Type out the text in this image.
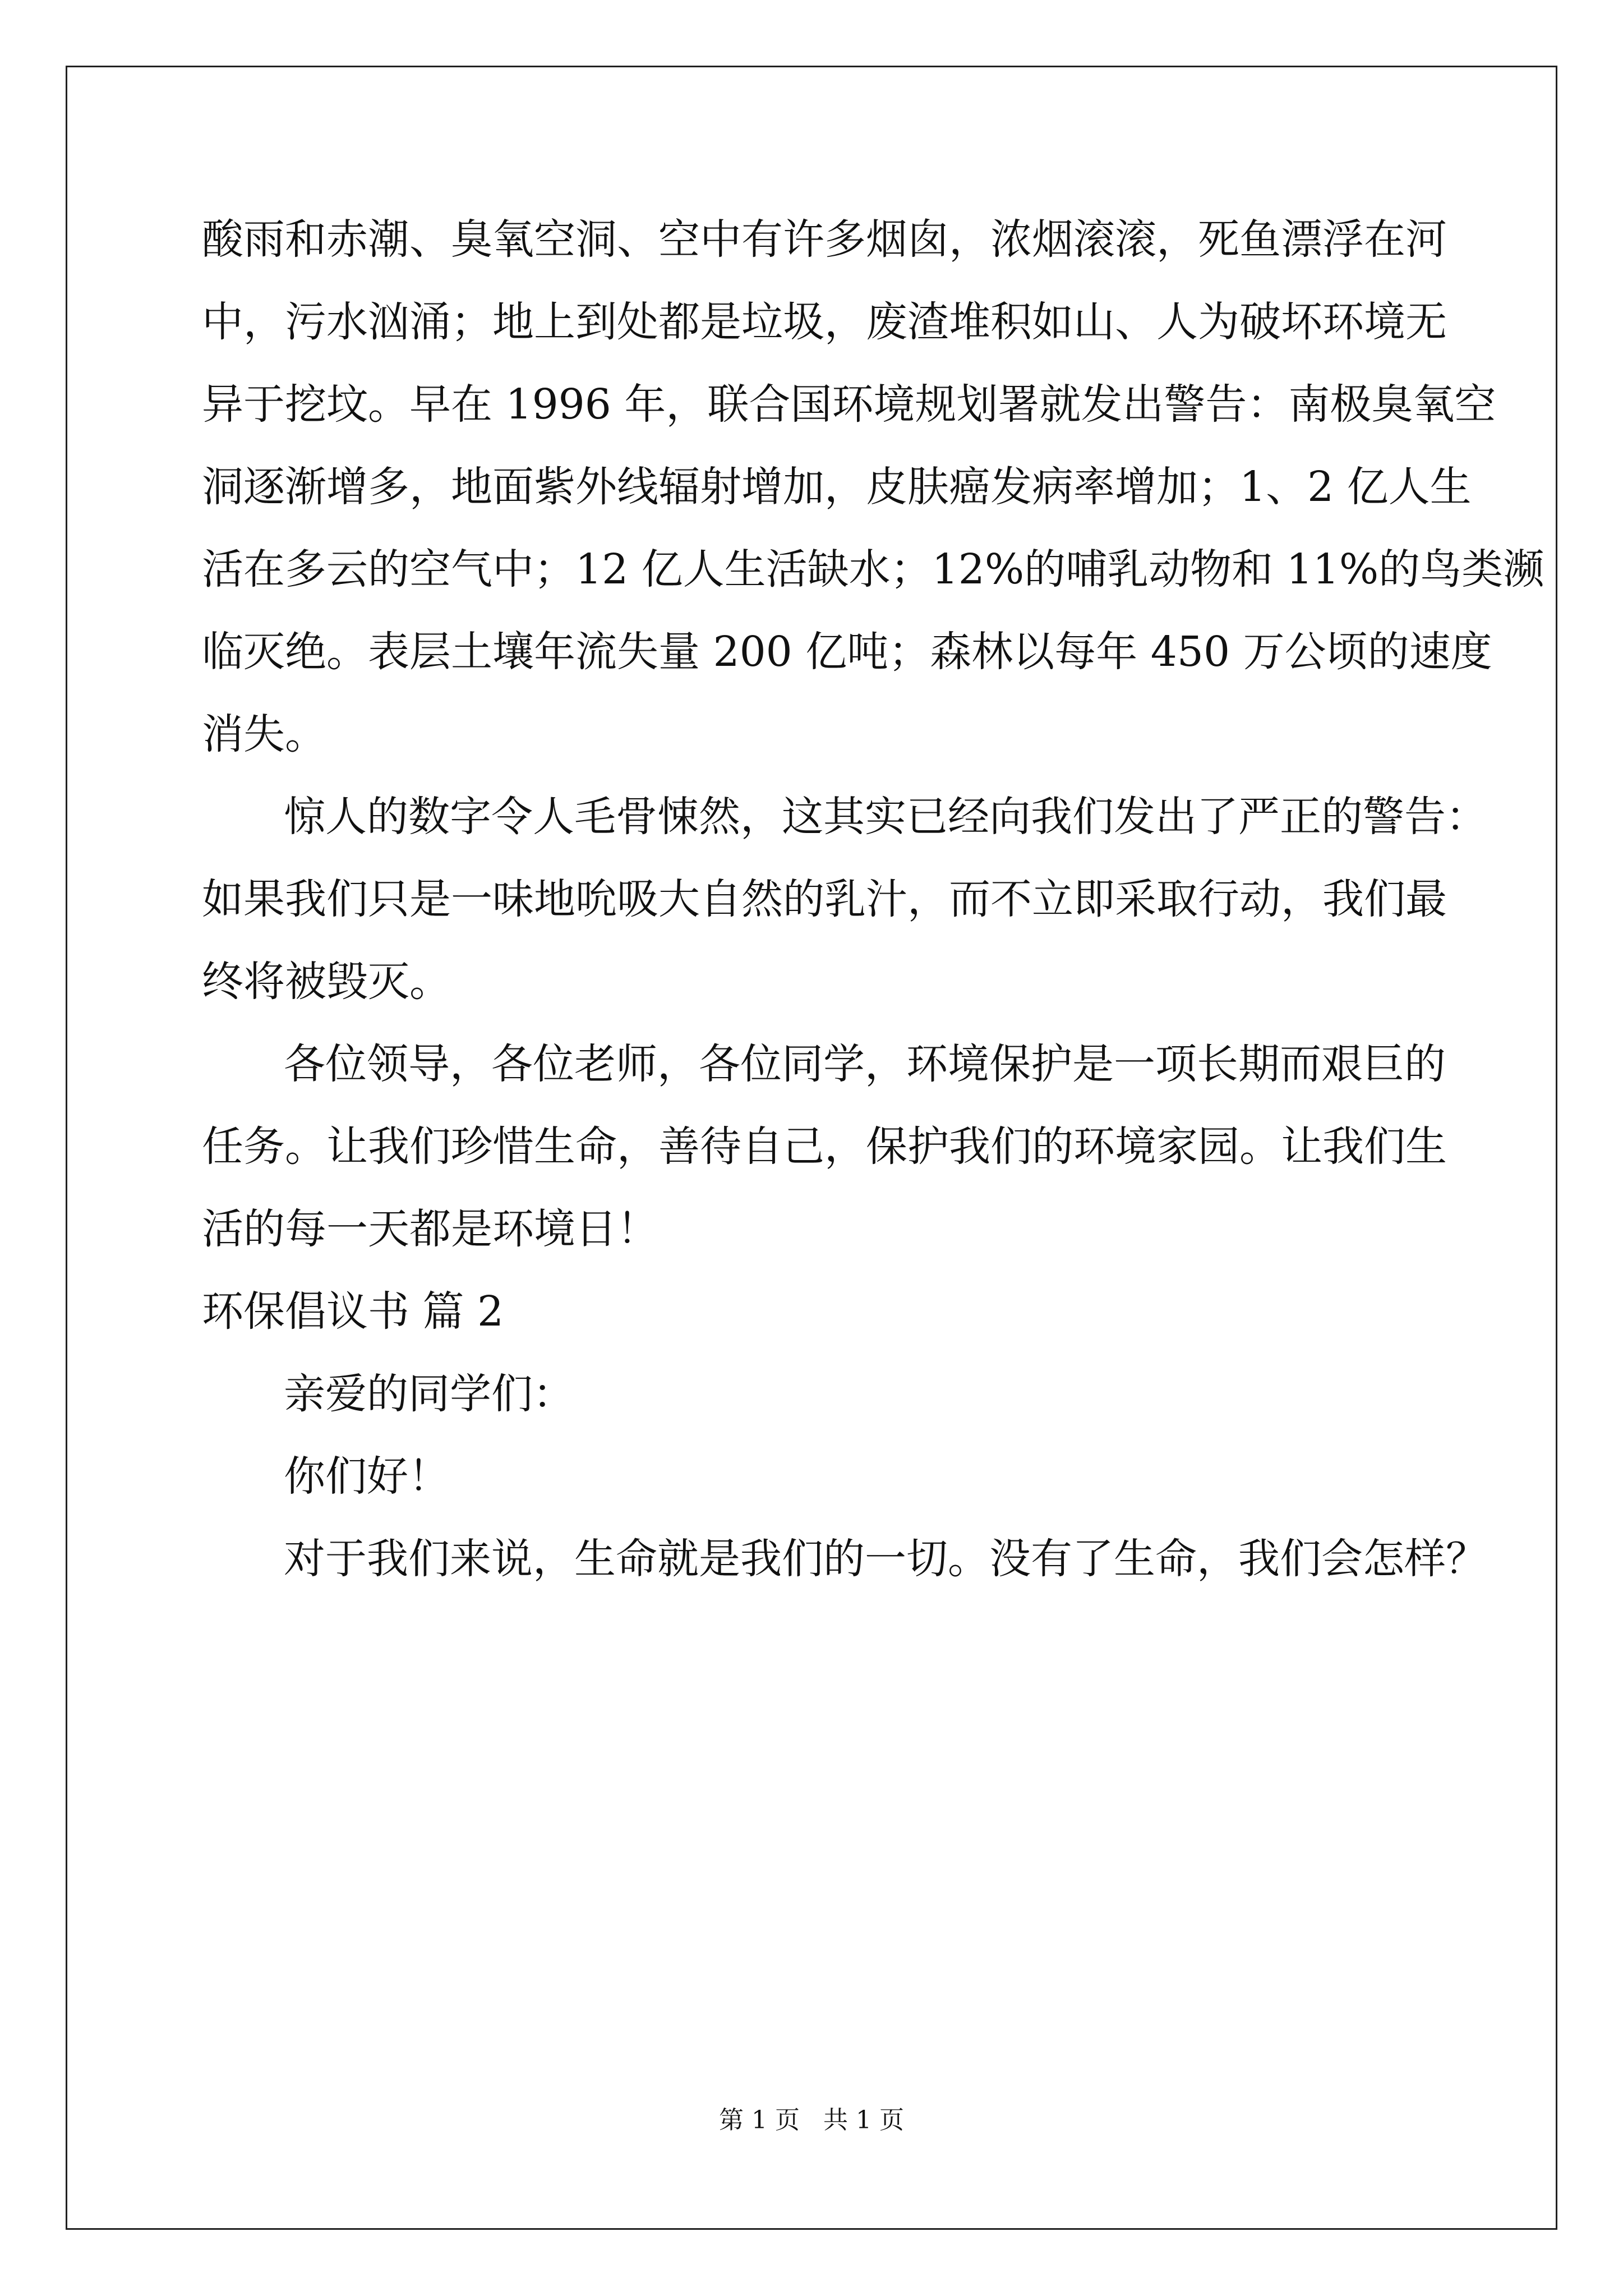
酸雨和赤潮、臭氧空洞、空中有许多烟囱，浓烟滚滚，死鱼漂浮在河
中，污水汹涌；地上到处都是垃圾，废渣堆积如山、人为破坏环境无
异于挖坟。早在 1996 年，联合国环境规划署就发出警告：南极臭氧空
洞逐渐增多，地面紫外线辐射增加，皮肤癌发病率增加；1、2 亿人生
活在多云的空气中；12 亿人生活缺水；12%的哺乳动物和 11%的鸟类濒
临灭绝。表层土壤年流失量 200 亿吨；森林以每年 450 万公顷的速度
消失。
惊人的数字令人毛骨悚然，这其实已经向我们发出了严正的警告：
如果我们只是一味地吮吸大自然的乳汁，而不立即采取行动，我们最
终将被毁灭。
各位领导，各位老师，各位同学，环境保护是一项长期而艰巨的
任务。让我们珍惜生命，善待自己，保护我们的环境家园。让我们生
活的每一天都是环境日！
环保倡议书 篇 2
亲爱的同学们：
你们好！
对于我们来说，生命就是我们的一切。没有了生命，我们会怎样？
第 1 页   共 1 页
